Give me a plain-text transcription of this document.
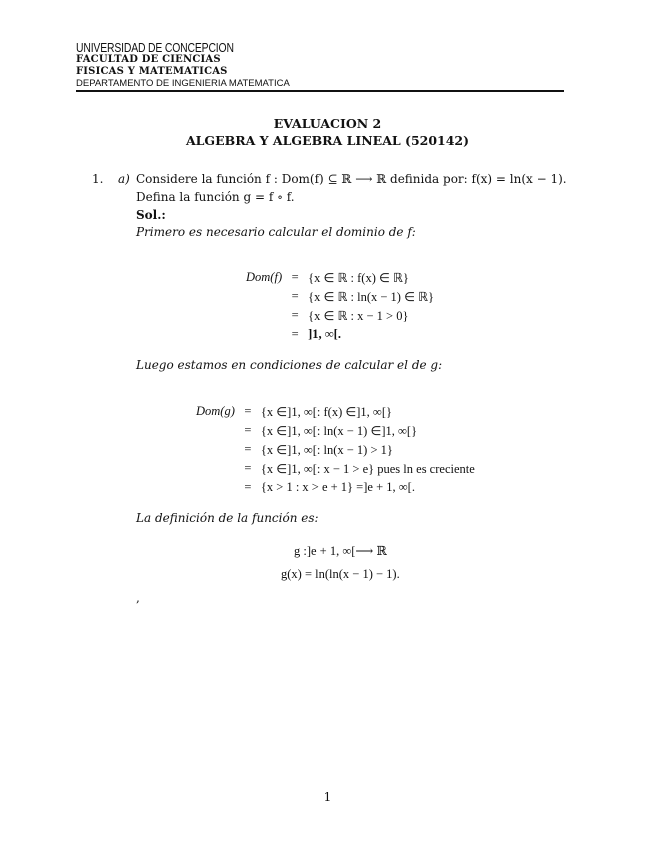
UNIVERSIDAD DE CONCEPCION
FACULTAD DE CIENCIAS
FISICAS Y MATEMATICAS
DEPARTAMENTO DE INGENIERIA MATEMATICA
EVALUACION 2
ALGEBRA Y ALGEBRA LINEAL (520142)
1. a) Considere la función f : Dom(f) ⊆ ℝ ⟶ ℝ definida por: f(x) = ln(x − 1).
Defina la función g = f ∘ f.
Sol.:
Primero es necesario calcular el dominio de f:
Dom(f)	=	{x ∈ ℝ : f(x) ∈ ℝ}
	=	{x ∈ ℝ : ln(x − 1) ∈ ℝ}
	=	{x ∈ ℝ : x − 1 > 0}
	=	]1, ∞[.
Luego estamos en condiciones de calcular el de g:
Dom(g)	=	{x ∈]1, ∞[: f(x) ∈]1, ∞[}
	=	{x ∈]1, ∞[: ln(x − 1) ∈]1, ∞[}
	=	{x ∈]1, ∞[: ln(x − 1) > 1}
	=	{x ∈]1, ∞[: x − 1 > e} pues ln es creciente
	=	{x > 1 : x > e + 1} =]e + 1, ∞[.
La definición de la función es:
g :]e + 1, ∞[⟶ ℝ
g(x) = ln(ln(x − 1) − 1).
,
1
